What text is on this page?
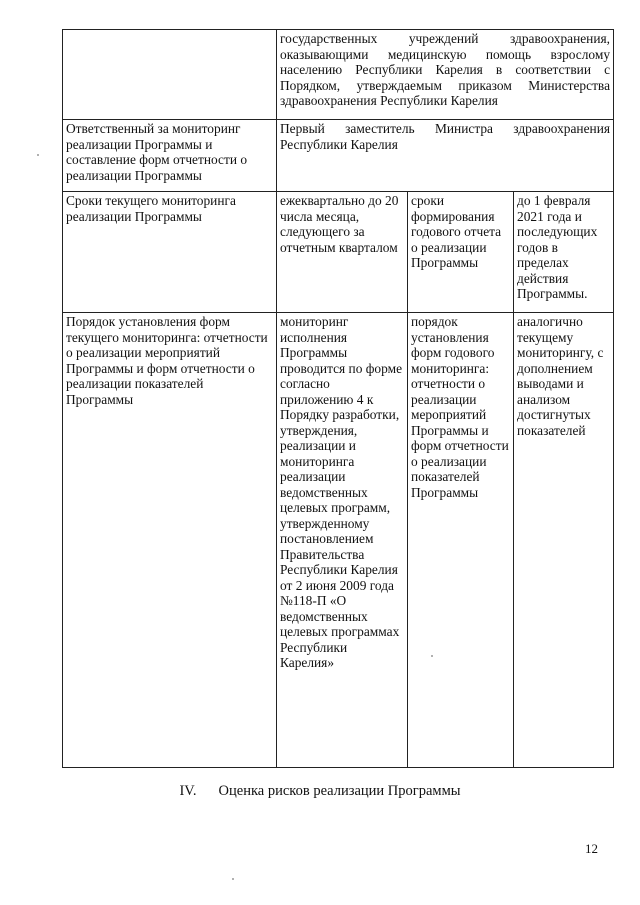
	государственных учреждений здравоохранения, оказывающими медицинскую помощь взрослому населению Республики Карелия в соответствии с Порядком, утверждаемым приказом Министерства здравоохранения Республики Карелия		
Ответственный за мониторинг реализации Программы и составление форм отчетности о реализации Программы	Первый заместитель Министра здравоохранения Республики Карелия		
Сроки текущего мониторинга реализации Программы	ежеквартально до 20 числа месяца, следующего за отчетным кварталом	сроки формирования годового отчета о реализации Программы	до 1 февраля 2021 года и последующих годов в пределах действия Программы.
Порядок установления форм текущего мониторинга: отчетности о реализации мероприятий Программы и форм отчетности о реализации показателей Программы	мониторинг исполнения Программы проводится по форме согласно приложению 4 к Порядку разработки, утверждения, реализации и мониторинга реализации ведомственных целевых программ, утвержденному постановлением Правительства Республики Карелия от 2 июня 2009 года №118-П «О ведомственных целевых программах Республики Карелия»	порядок установления форм годового мониторинга: отчетности о реализации мероприятий Программы и форм отчетности о реализации показателей Программы	аналогично текущему мониторингу, с дополнением выводами и анализом достигнутых показателей
IV. Оценка рисков реализации Программы
12
